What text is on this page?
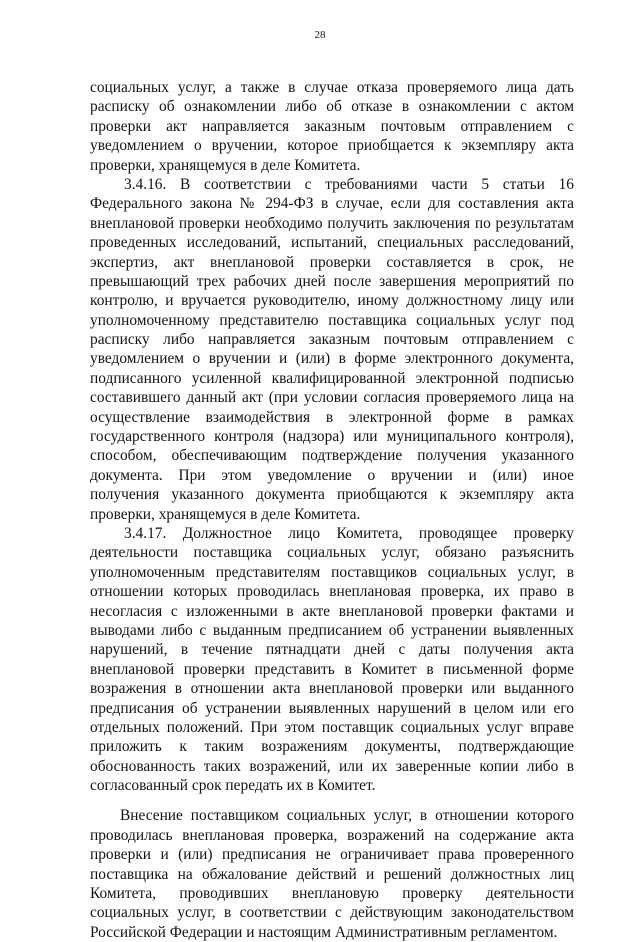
28
социальных услуг, а также в случае отказа проверяемого лица дать
расписку об ознакомлении либо об отказе в ознакомлении с актом
проверки акт направляется заказным почтовым отправлением с
уведомлением о вручении, которое приобщается к экземпляру акта
проверки, хранящемуся в деле Комитета.
3.4.16. В соответствии с требованиями части 5 статьи 16
Федерального закона № 294-ФЗ в случае, если для составления акта
внеплановой проверки необходимо получить заключения по результатам
проведенных исследований, испытаний, специальных расследований,
экспертиз, акт внеплановой проверки составляется в срок, не
превышающий трех рабочих дней после завершения мероприятий по
контролю, и вручается руководителю, иному должностному лицу или
уполномоченному представителю поставщика социальных услуг под
расписку либо направляется заказным почтовым отправлением с
уведомлением о вручении и (или) в форме электронного документа,
подписанного усиленной квалифицированной электронной подписью
составившего данный акт (при условии согласия проверяемого лица на
осуществление взаимодействия в электронной форме в рамках
государственного контроля (надзора) или муниципального контроля),
способом, обеспечивающим подтверждение получения указанного
документа. При этом уведомление о вручении и (или) иное
получения указанного документа приобщаются к экземпляру акта
проверки, хранящемуся в деле Комитета.
3.4.17. Должностное лицо Комитета, проводящее проверку
деятельности поставщика социальных услуг, обязано разъяснить
уполномоченным представителям поставщиков социальных услуг, в
отношении которых проводилась внеплановая проверка, их право в
несогласия с изложенными в акте внеплановой проверки фактами и
выводами либо с выданным предписанием об устранении выявленных
нарушений, в течение пятнадцати дней с даты получения акта
внеплановой проверки представить в Комитет в письменной форме
возражения в отношении акта внеплановой проверки или выданного
предписания об устранении выявленных нарушений в целом или его
отдельных положений. При этом поставщик социальных услуг вправе
приложить к таким возражениям документы, подтверждающие
обоснованность таких возражений, или их заверенные копии либо в
согласованный срок передать их в Комитет.
Внесение поставщиком социальных услуг, в отношении которого
проводилась внеплановая проверка, возражений на содержание акта
проверки и (или) предписания не ограничивает права проверенного
поставщика на обжалование действий и решений должностных лиц
Комитета, проводивших внеплановую проверку деятельности
социальных услуг, в соответствии с действующим законодательством
Российской Федерации и настоящим Административным регламентом.
